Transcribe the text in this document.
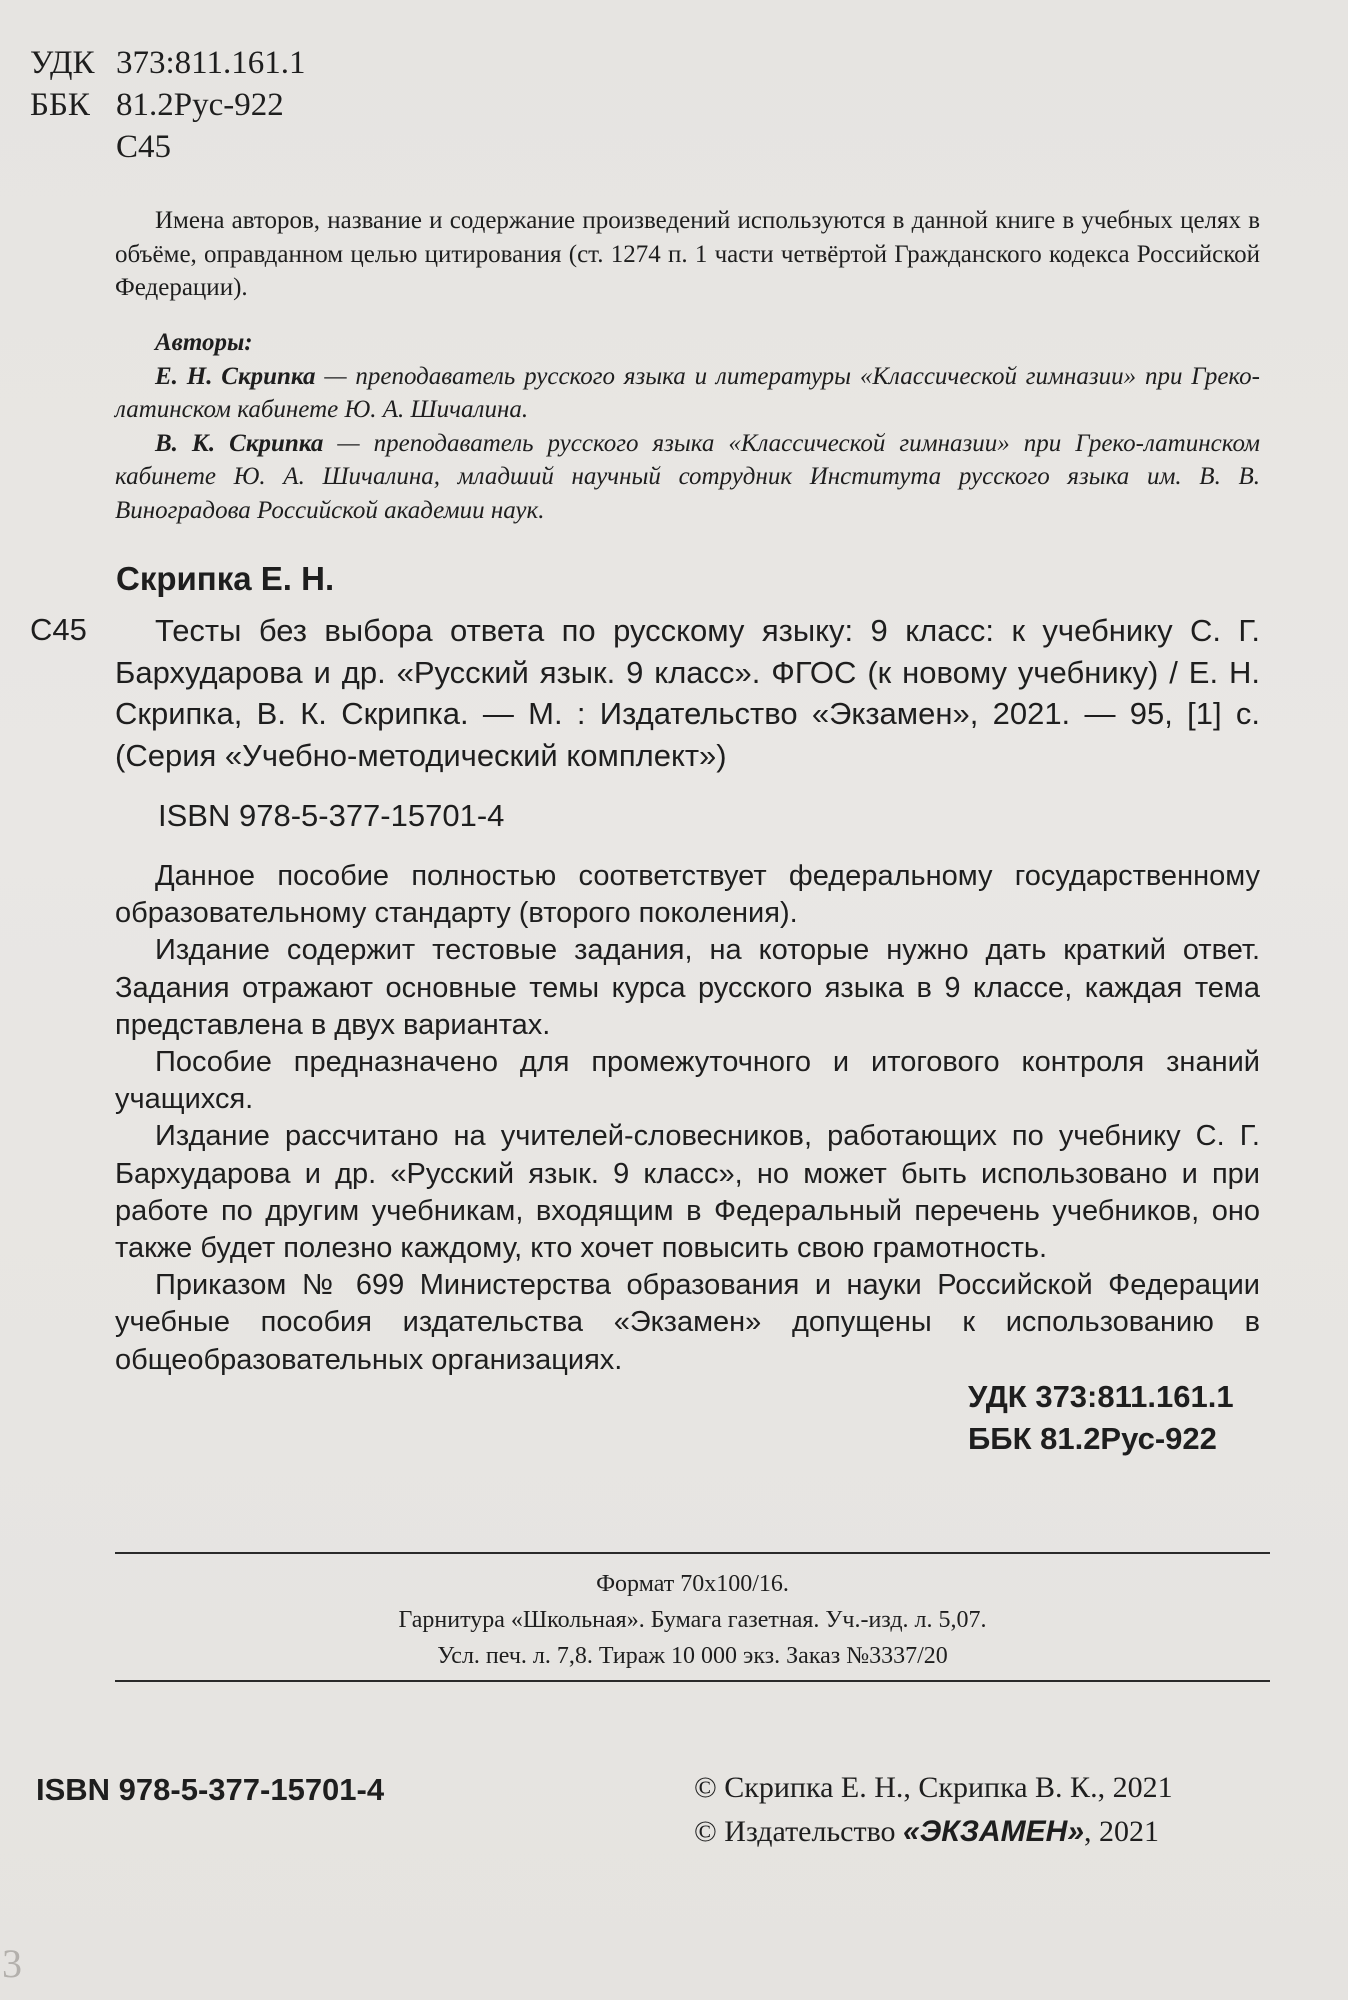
УДК 373:811.161.1
ББК 81.2Рус-922
С45

Имена авторов, название и содержание произведений используются в данной книге в учебных целях в объёме, оправданном целью цитирования (ст. 1274 п. 1 части четвёртой Гражданского кодекса Российской Федерации).

Авторы:

Е. Н. Скрипка — преподаватель русского языка и литературы «Классической гимназии» при Греко-латинском кабинете Ю. А. Шичалина.

В. К. Скрипка — преподаватель русского языка «Классической гимназии» при Греко-латинском кабинете Ю. А. Шичалина, младший научный сотрудник Института русского языка им. В. В. Виноградова Российской академии наук.

Скрипка Е. Н.
С45	Тесты без выбора ответа по русскому языку: 9 класс: к учебнику С. Г. Бархударова и др. «Русский язык. 9 класс». ФГОС (к новому учебнику) / Е. Н. Скрипка, В. К. Скрипка. — М. : Издательство «Экзамен», 2021. — 95, [1] с. (Серия «Учебно-методический комплект»)

ISBN 978-5-377-15701-4

Данное пособие полностью соответствует федеральному государственному образовательному стандарту (второго поколения).

Издание содержит тестовые задания, на которые нужно дать краткий ответ. Задания отражают основные темы курса русского языка в 9 классе, каждая тема представлена в двух вариантах.

Пособие предназначено для промежуточного и итогового контроля знаний учащихся.

Издание рассчитано на учителей-словесников, работающих по учебнику С. Г. Бархударова и др. «Русский язык. 9 класс», но может быть использовано и при работе по другим учебникам, входящим в Федеральный перечень учебников, оно также будет полезно каждому, кто хочет повысить свою грамотность.

Приказом № 699 Министерства образования и науки Российской Федерации учебные пособия издательства «Экзамен» допущены к использованию в общеобразовательных организациях.

УДК 373:811.161.1
ББК 81.2Рус-922
Формат 70х100/16.
Гарнитура «Школьная». Бумага газетная. Уч.-изд. л. 5,07.
Усл. печ. л. 7,8. Тираж 10 000 экз. Заказ №3337/20
ISBN 978-5-377-15701-4	© Скрипка Е. Н., Скрипка В. К., 2021
© Издательство «ЭКЗАМЕН», 2021
3
